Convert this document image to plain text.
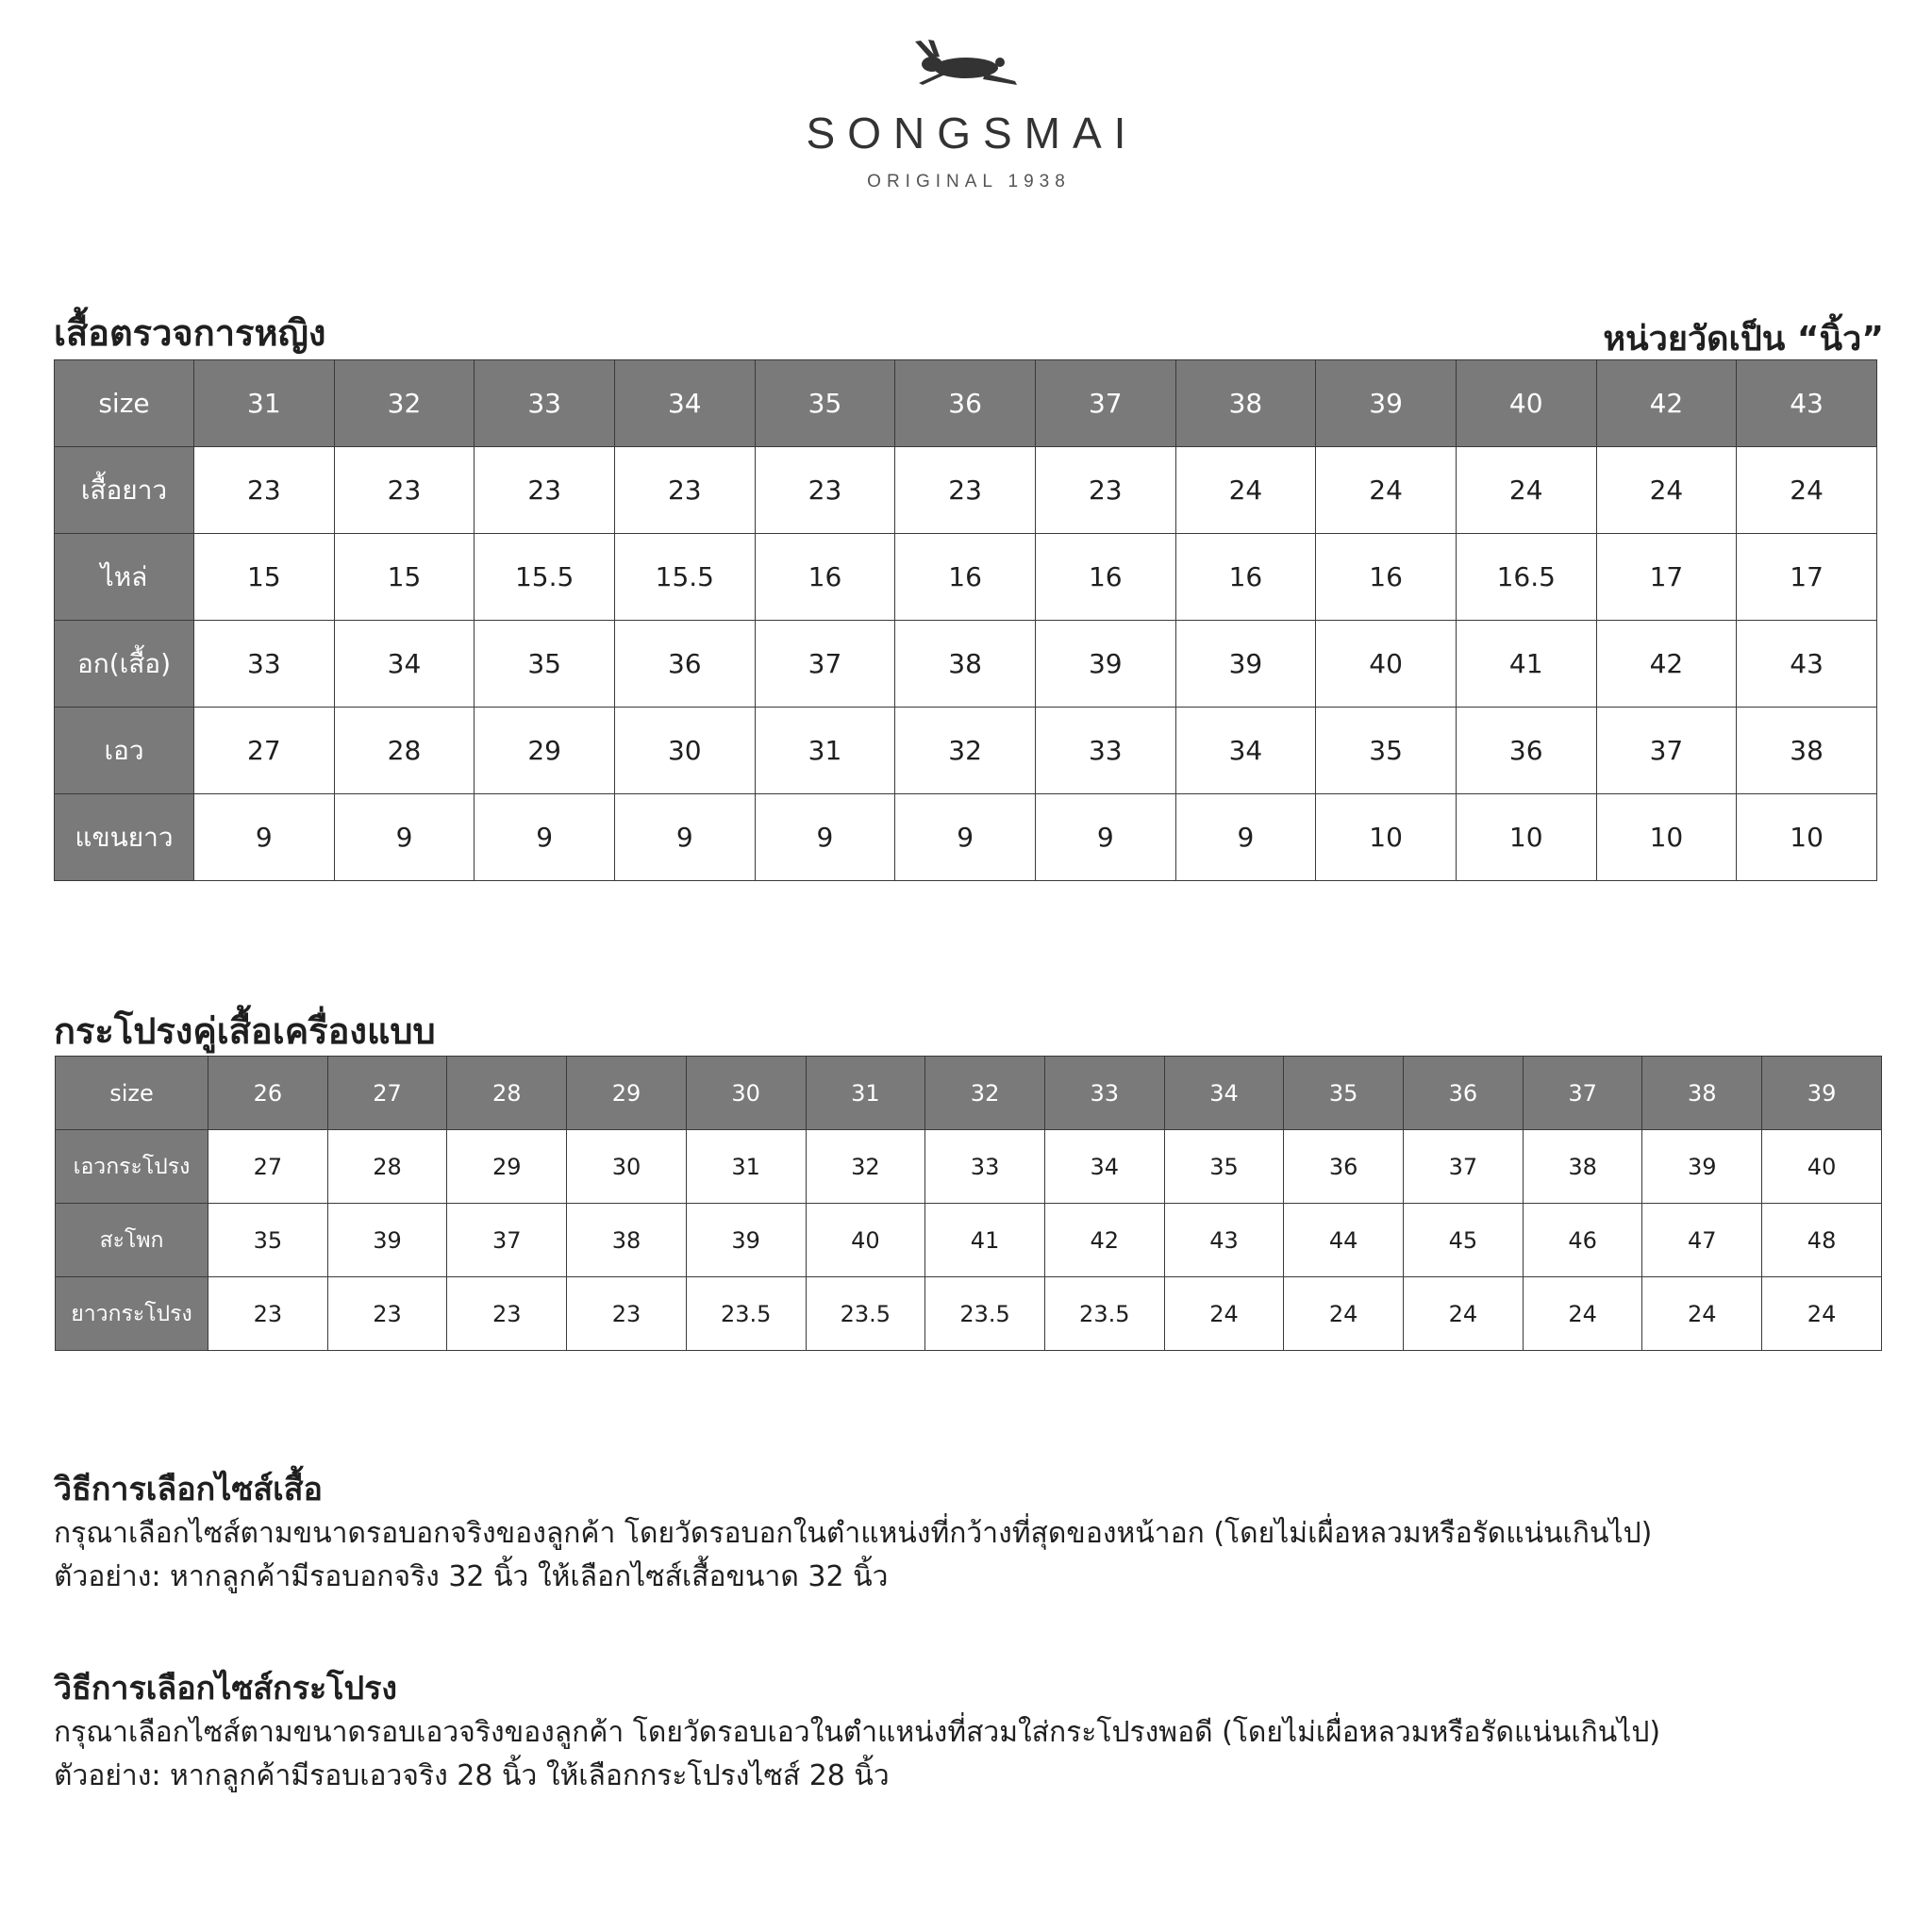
SONGSMAI
ORIGINAL 1938
เสื้อตรวจการหญิง	หน่วยวัดเป็น “นิ้ว”
size	31	32	33	34	35	36	37	38	39	40	42	43
เสื้อยาว	23	23	23	23	23	23	23	24	24	24	24	24
ไหล่	15	15	15.5	15.5	16	16	16	16	16	16.5	17	17
อก(เสื้อ)	33	34	35	36	37	38	39	39	40	41	42	43
เอว	27	28	29	30	31	32	33	34	35	36	37	38
แขนยาว	9	9	9	9	9	9	9	9	10	10	10	10
กระโปรงคู่เสื้อเครื่องแบบ
size	26	27	28	29	30	31	32	33	34	35	36	37	38	39
เอวกระโปรง	27	28	29	30	31	32	33	34	35	36	37	38	39	40
สะโพก	35	39	37	38	39	40	41	42	43	44	45	46	47	48
ยาวกระโปรง	23	23	23	23	23.5	23.5	23.5	23.5	24	24	24	24	24	24
วิธีการเลือกไซส์เสื้อ
กรุณาเลือกไซส์ตามขนาดรอบอกจริงของลูกค้า โดยวัดรอบอกในตำแหน่งที่กว้างที่สุดของหน้าอก (โดยไม่เผื่อหลวมหรือรัดแน่นเกินไป)
ตัวอย่าง: หากลูกค้ามีรอบอกจริง 32 นิ้ว ให้เลือกไซส์เสื้อขนาด 32 นิ้ว
วิธีการเลือกไซส์กระโปรง
กรุณาเลือกไซส์ตามขนาดรอบเอวจริงของลูกค้า โดยวัดรอบเอวในตำแหน่งที่สวมใส่กระโปรงพอดี (โดยไม่เผื่อหลวมหรือรัดแน่นเกินไป)
ตัวอย่าง: หากลูกค้ามีรอบเอวจริง 28 นิ้ว ให้เลือกกระโปรงไซส์ 28 นิ้ว
